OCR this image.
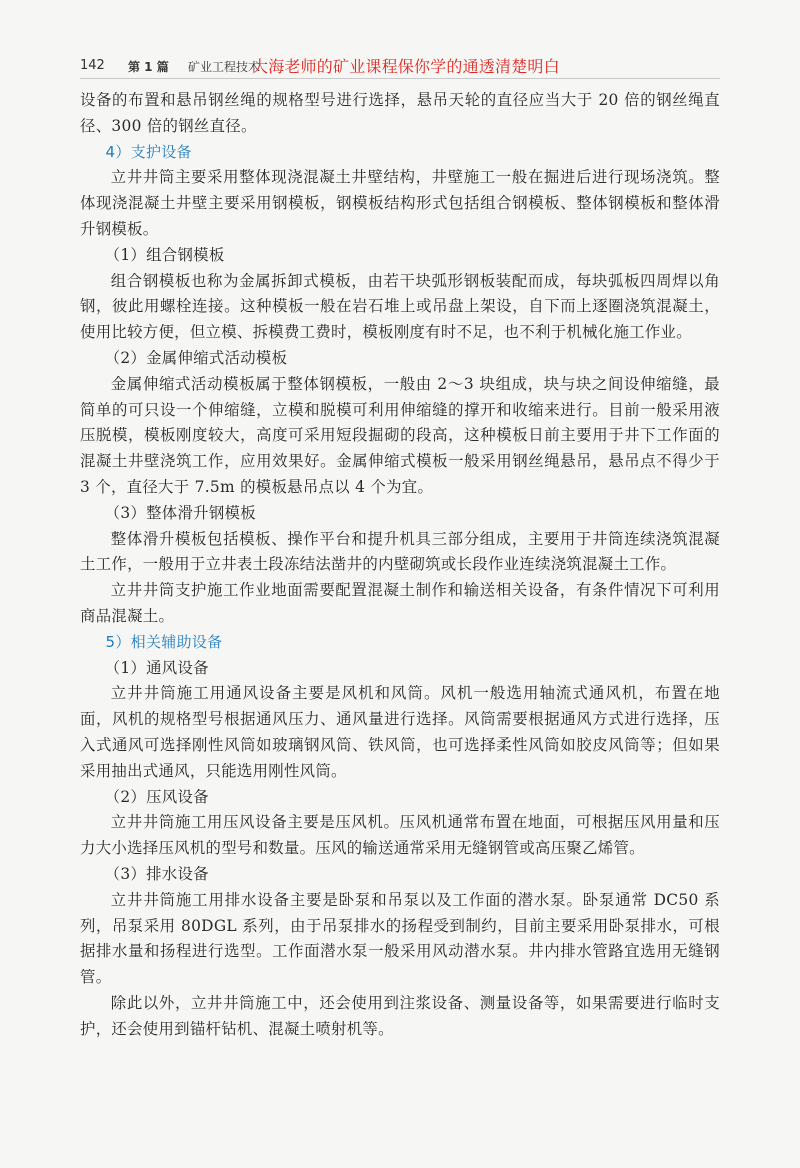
142 第 1 篇 矿业工程技术
大海老师的矿业课程保你学的通透清楚明白

设备的布置和悬吊钢丝绳的规格型号进行选择，悬吊天轮的直径应当大于 20 倍的钢丝绳直径、300 倍的钢丝直径。

4）支护设备

立井井筒主要采用整体现浇混凝土井壁结构，井壁施工一般在掘进后进行现场浇筑。整体现浇混凝土井壁主要采用钢模板，钢模板结构形式包括组合钢模板、整体钢模板和整体滑升钢模板。

（1）组合钢模板

组合钢模板也称为金属拆卸式模板，由若干块弧形钢板装配而成，每块弧板四周焊以角钢，彼此用螺栓连接。这种模板一般在岩石堆上或吊盘上架设，自下而上逐圈浇筑混凝土，使用比较方便，但立模、拆模费工费时，模板刚度有时不足，也不利于机械化施工作业。

（2）金属伸缩式活动模板

金属伸缩式活动模板属于整体钢模板，一般由 2～3 块组成，块与块之间设伸缩缝，最简单的可只设一个伸缩缝，立模和脱模可利用伸缩缝的撑开和收缩来进行。目前一般采用液压脱模，模板刚度较大，高度可采用短段掘砌的段高，这种模板日前主要用于井下工作面的混凝土井壁浇筑工作，应用效果好。金属伸缩式模板一般采用钢丝绳悬吊，悬吊点不得少于 3 个，直径大于 7.5m 的模板悬吊点以 4 个为宜。

（3）整体滑升钢模板

整体滑升模板包括模板、操作平台和提升机具三部分组成，主要用于井筒连续浇筑混凝土工作，一般用于立井表土段冻结法凿井的内壁砌筑或长段作业连续浇筑混凝土工作。

立井井筒支护施工作业地面需要配置混凝土制作和输送相关设备，有条件情况下可利用商品混凝土。

5）相关辅助设备

（1）通风设备

立井井筒施工用通风设备主要是风机和风筒。风机一般选用轴流式通风机，布置在地面，风机的规格型号根据通风压力、通风量进行选择。风筒需要根据通风方式进行选择，压入式通风可选择刚性风筒如玻璃钢风筒、铁风筒，也可选择柔性风筒如胶皮风筒等；但如果采用抽出式通风，只能选用刚性风筒。

（2）压风设备

立井井筒施工用压风设备主要是压风机。压风机通常布置在地面，可根据压风用量和压力大小选择压风机的型号和数量。压风的输送通常采用无缝钢管或高压聚乙烯管。

（3）排水设备

立井井筒施工用排水设备主要是卧泵和吊泵以及工作面的潜水泵。卧泵通常 DC50 系列，吊泵采用 80DGL 系列，由于吊泵排水的扬程受到制约，目前主要采用卧泵排水，可根据排水量和扬程进行选型。工作面潜水泵一般采用风动潜水泵。井内排水管路宜选用无缝钢管。

除此以外，立井井筒施工中，还会使用到注浆设备、测量设备等，如果需要进行临时支护，还会使用到锚杆钻机、混凝土喷射机等。
